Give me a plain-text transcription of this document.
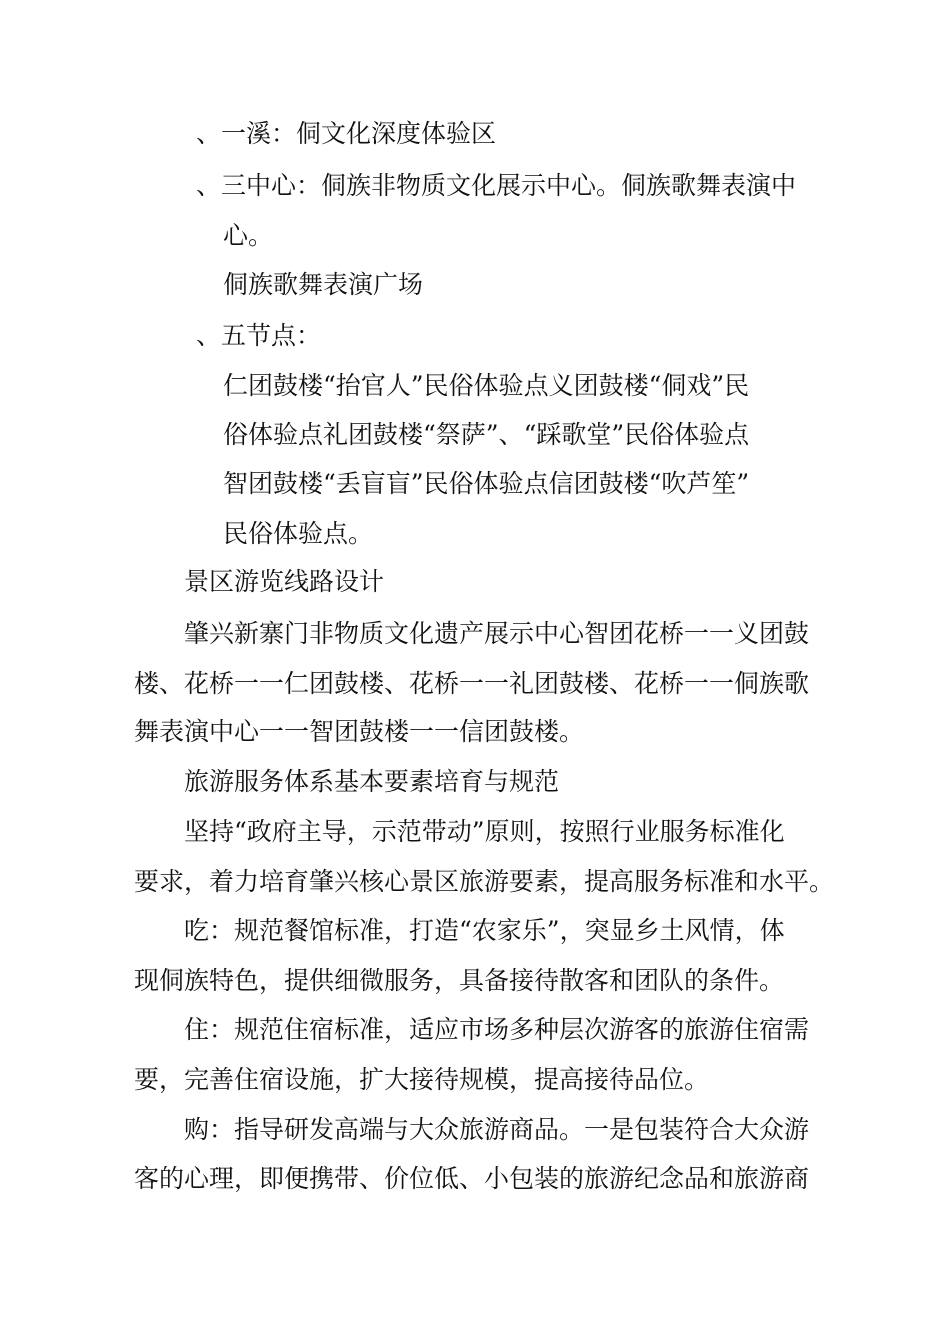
、一溪：侗文化深度体验区

、三中心：侗族非物质文化展示中心。侗族歌舞表演中

心。

侗族歌舞表演广场

、五节点：

仁团鼓楼“抬官人”民俗体验点义团鼓楼“侗戏”民

俗体验点礼团鼓楼“祭萨”、“踩歌堂”民俗体验点

智团鼓楼“丢盲盲”民俗体验点信团鼓楼“吹芦笙”

民俗体验点。

景区游览线路设计

肇兴新寨门非物质文化遗产展示中心智团花桥一一义团鼓

楼、花桥一一仁团鼓楼、花桥一一礼团鼓楼、花桥一一侗族歌

舞表演中心一一智团鼓楼一一信团鼓楼。

旅游服务体系基本要素培育与规范

坚持“政府主导，示范带动”原则，按照行业服务标准化

要求，着力培育肇兴核心景区旅游要素，提高服务标准和水平。

吃：规范餐馆标准，打造“农家乐”，突显乡土风情，体

现侗族特色，提供细微服务，具备接待散客和团队的条件。

住：规范住宿标准，适应市场多种层次游客的旅游住宿需

要，完善住宿设施，扩大接待规模，提高接待品位。

购：指导研发高端与大众旅游商品。一是包装符合大众游

客的心理，即便携带、价位低、小包装的旅游纪念品和旅游商
